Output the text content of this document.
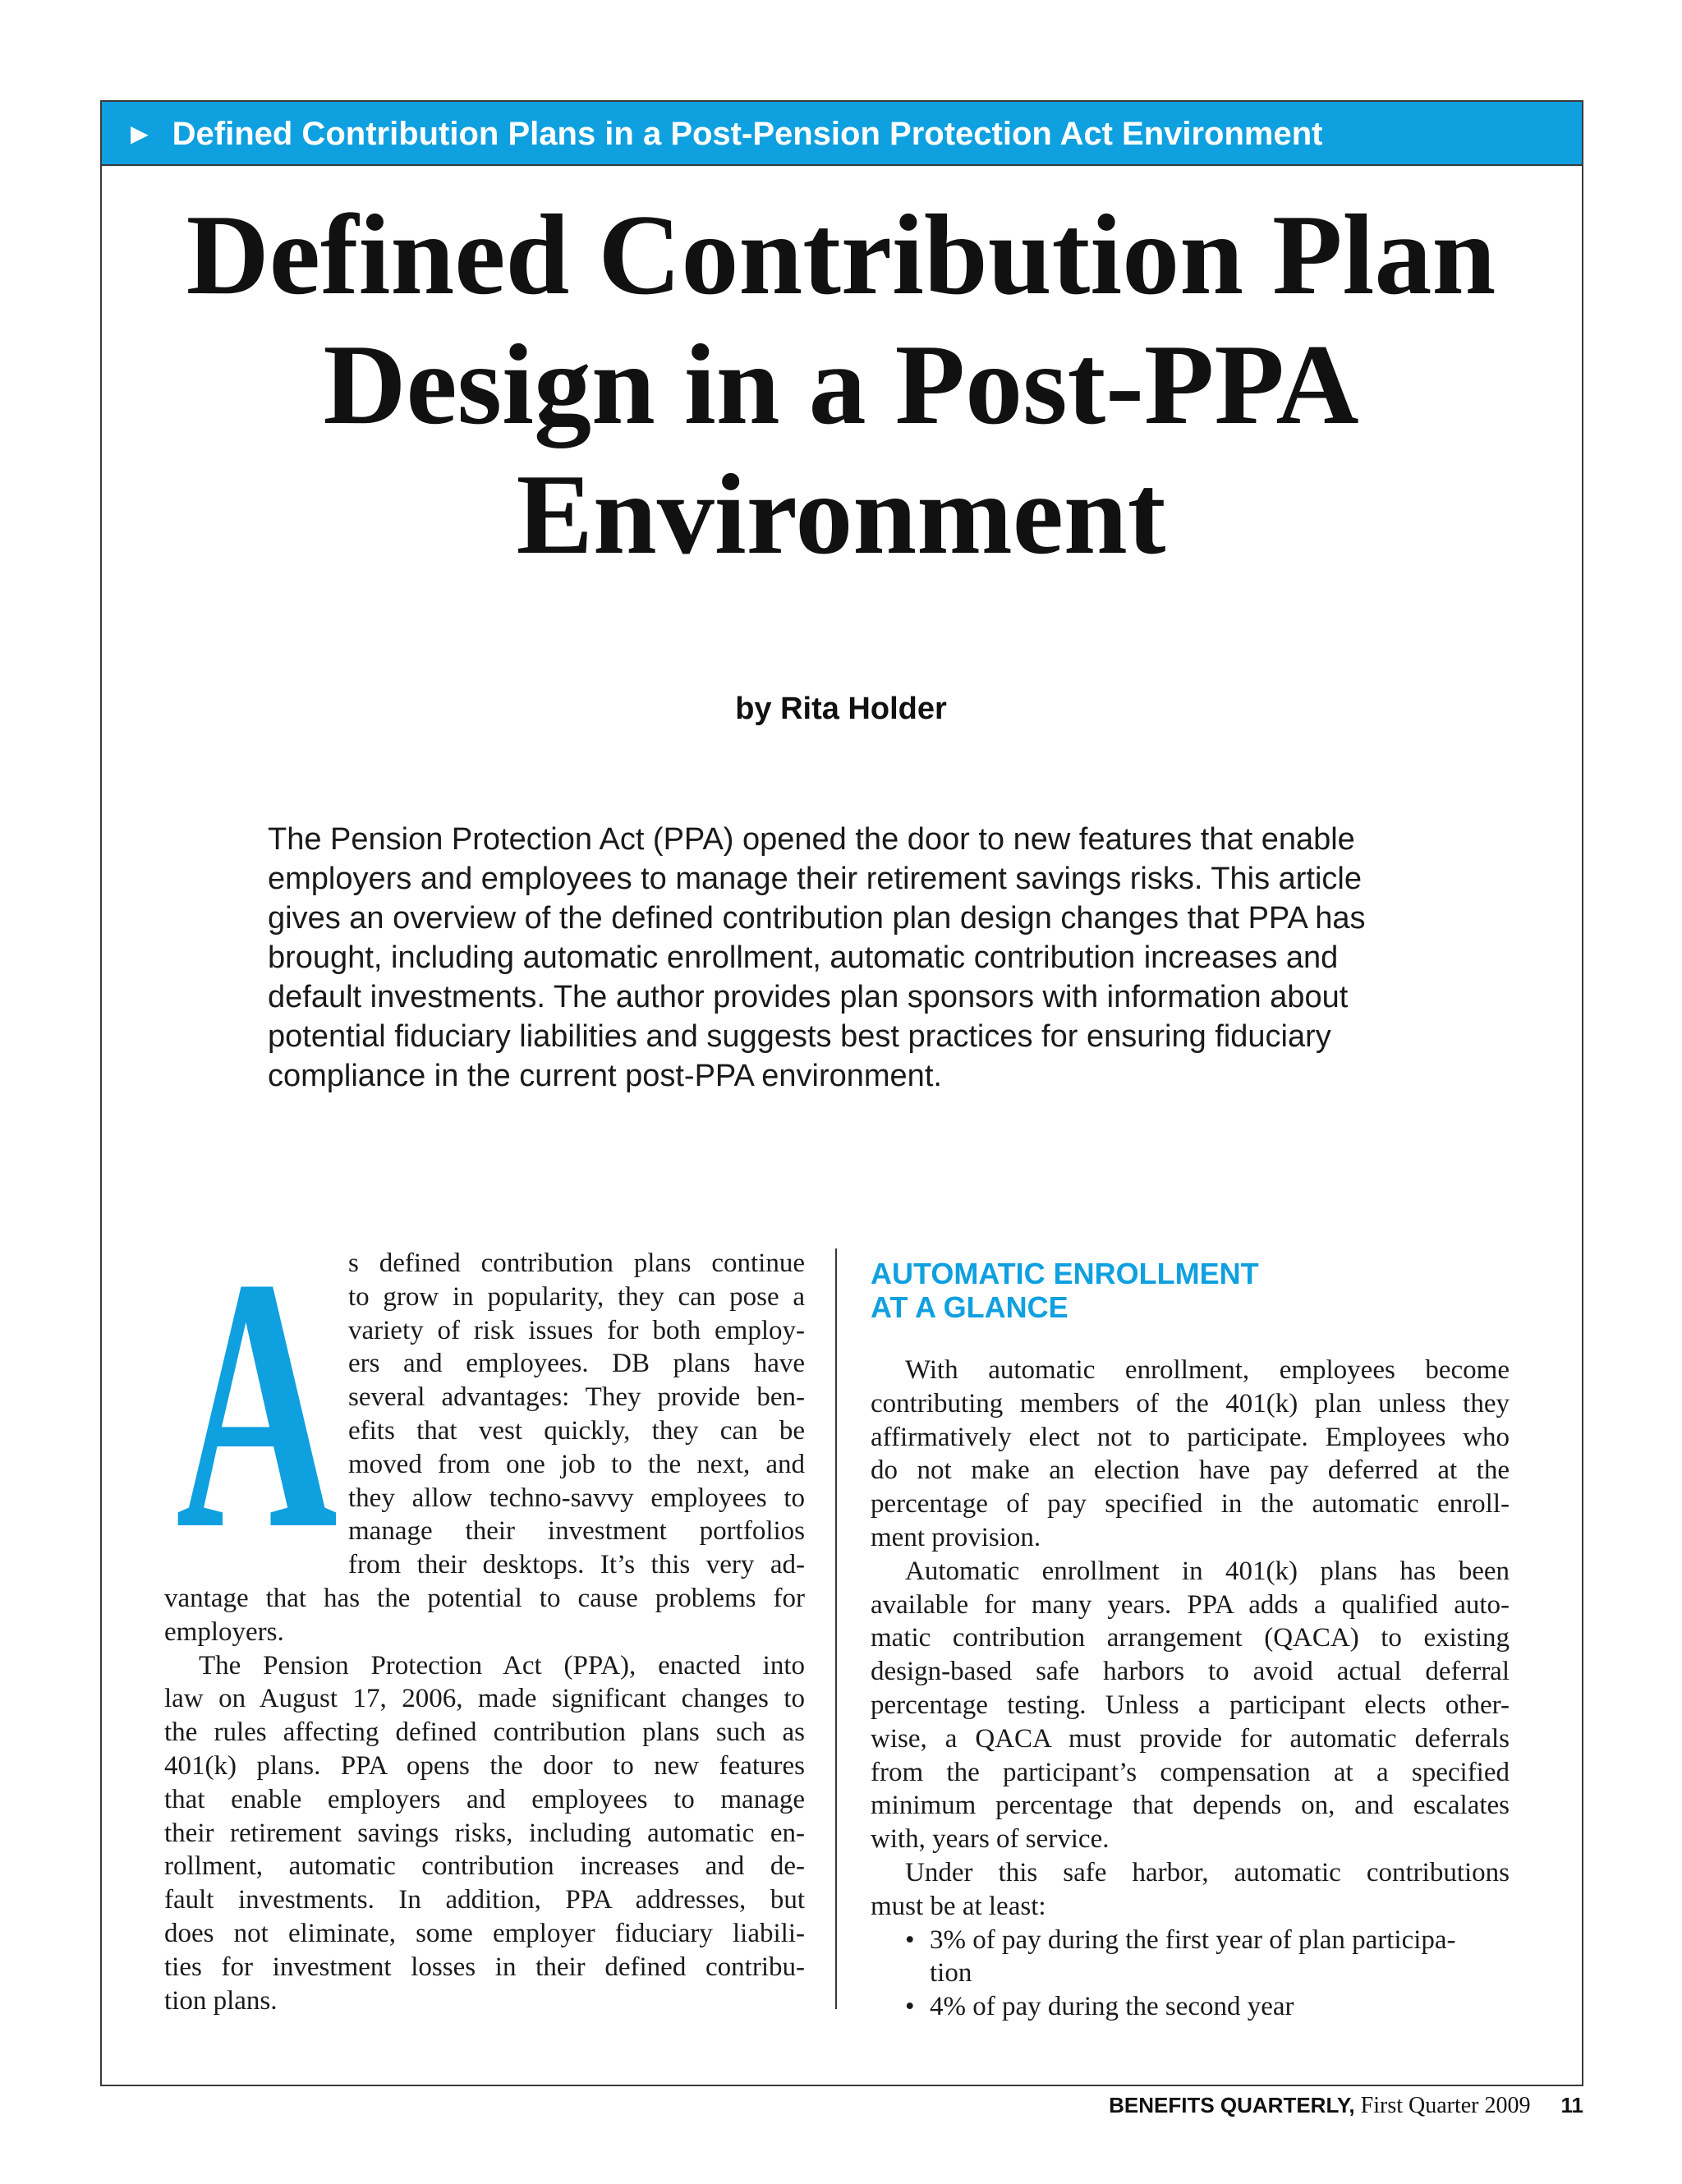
► Defined Contribution Plans in a Post-Pension Protection Act Environment
Defined Contribution Plan
Design in a Post-PPA
Environment
by Rita Holder
The Pension Protection Act (PPA) opened the door to new features that enable
employers and employees to manage their retirement savings risks. This article
gives an overview of the defined contribution plan design changes that PPA has
brought, including automatic enrollment, automatic contribution increases and
default investments. The author provides plan sponsors with information about
potential fiduciary liabilities and suggests best practices for ensuring fiduciary
compliance in the current post-PPA environment.
A s defined contribution plans continue
to grow in popularity, they can pose a
variety of risk issues for both employ-
ers and employees. DB plans have
several advantages: They provide ben-
efits that vest quickly, they can be
moved from one job to the next, and
they allow techno-savvy employees to
manage their investment portfolios
from their desktops. It’s this very ad-
vantage that has the potential to cause problems for
employers.
The Pension Protection Act (PPA), enacted into
law on August 17, 2006, made significant changes to
the rules affecting defined contribution plans such as
401(k) plans. PPA opens the door to new features
that enable employers and employees to manage
their retirement savings risks, including automatic en-
rollment, automatic contribution increases and de-
fault investments. In addition, PPA addresses, but
does not eliminate, some employer fiduciary liabili-
ties for investment losses in their defined contribu-
tion plans.
AUTOMATIC ENROLLMENT
AT A GLANCE
With automatic enrollment, employees become
contributing members of the 401(k) plan unless they
affirmatively elect not to participate. Employees who
do not make an election have pay deferred at the
percentage of pay specified in the automatic enroll-
ment provision.
Automatic enrollment in 401(k) plans has been
available for many years. PPA adds a qualified auto-
matic contribution arrangement (QACA) to existing
design-based safe harbors to avoid actual deferral
percentage testing. Unless a participant elects other-
wise, a QACA must provide for automatic deferrals
from the participant’s compensation at a specified
minimum percentage that depends on, and escalates
with, years of service.
Under this safe harbor, automatic contributions
must be at least:
• 3% of pay during the first year of plan participa-
tion
• 4% of pay during the second year
BENEFITS QUARTERLY, First Quarter 2009 11
